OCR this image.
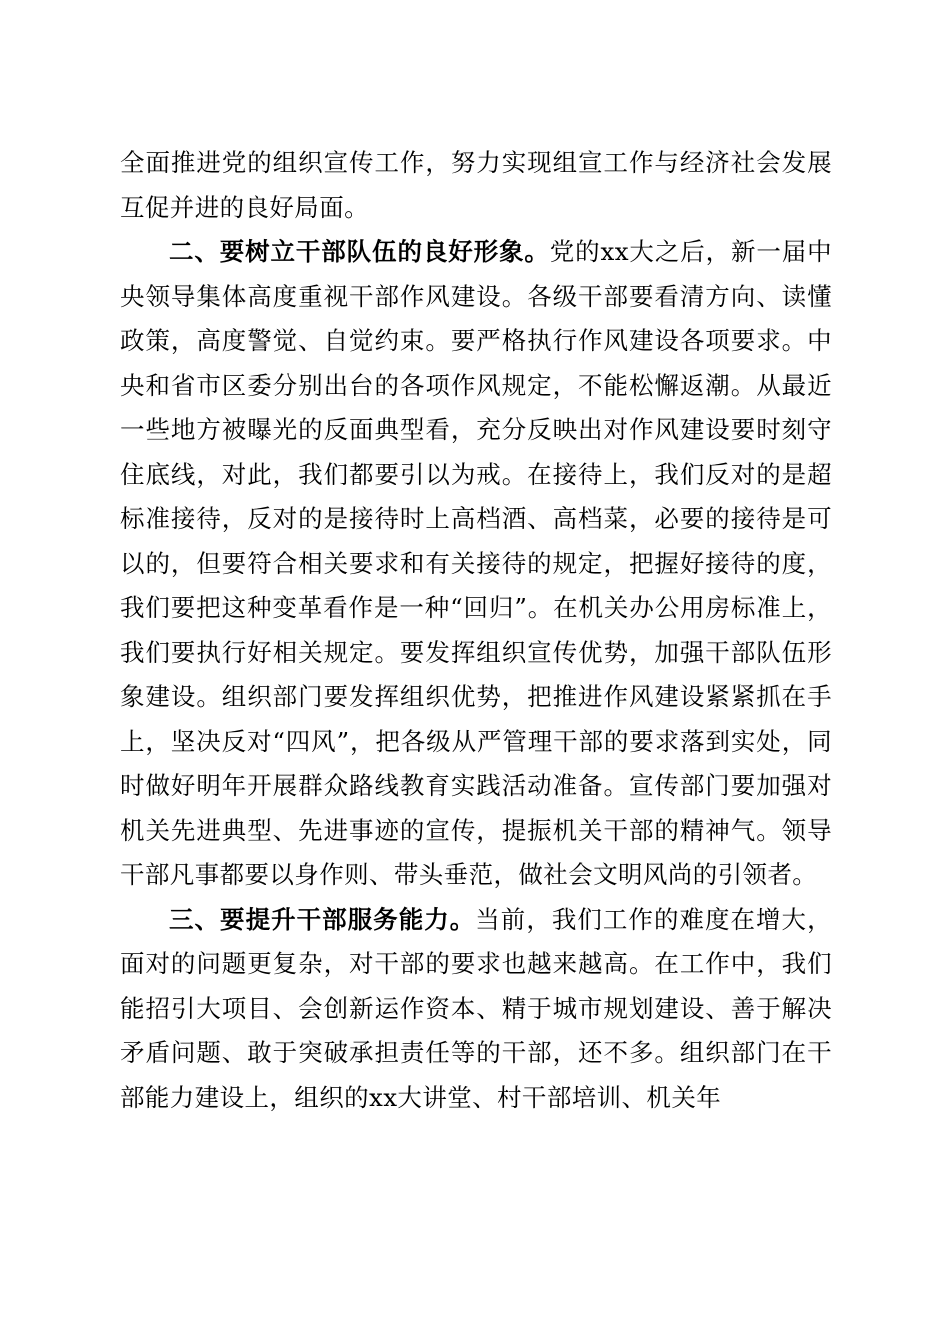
全面推进党的组织宣传工作，努力实现组宣工作与经济社会发展互促并进的良好局面。

二、要树立干部队伍的良好形象。党的xx大之后，新一届中央领导集体高度重视干部作风建设。各级干部要看清方向、读懂政策，高度警觉、自觉约束。要严格执行作风建设各项要求。中央和省市区委分别出台的各项作风规定，不能松懈返潮。从最近一些地方被曝光的反面典型看，充分反映出对作风建设要时刻守住底线，对此，我们都要引以为戒。在接待上，我们反对的是超标准接待，反对的是接待时上高档酒、高档菜，必要的接待是可以的，但要符合相关要求和有关接待的规定，把握好接待的度，我们要把这种变革看作是一种“回归”。在机关办公用房标准上，我们要执行好相关规定。要发挥组织宣传优势，加强干部队伍形象建设。组织部门要发挥组织优势，把推进作风建设紧紧抓在手上，坚决反对“四风”，把各级从严管理干部的要求落到实处，同时做好明年开展群众路线教育实践活动准备。宣传部门要加强对机关先进典型、先进事迹的宣传，提振机关干部的精神气。领导干部凡事都要以身作则、带头垂范，做社会文明风尚的引领者。

三、要提升干部服务能力。当前，我们工作的难度在增大，面对的问题更复杂，对干部的要求也越来越高。在工作中，我们能招引大项目、会创新运作资本、精于城市规划建设、善于解决矛盾问题、敢于突破承担责任等的干部，还不多。组织部门在干部能力建设上，组织的xx大讲堂、村干部培训、机关年
